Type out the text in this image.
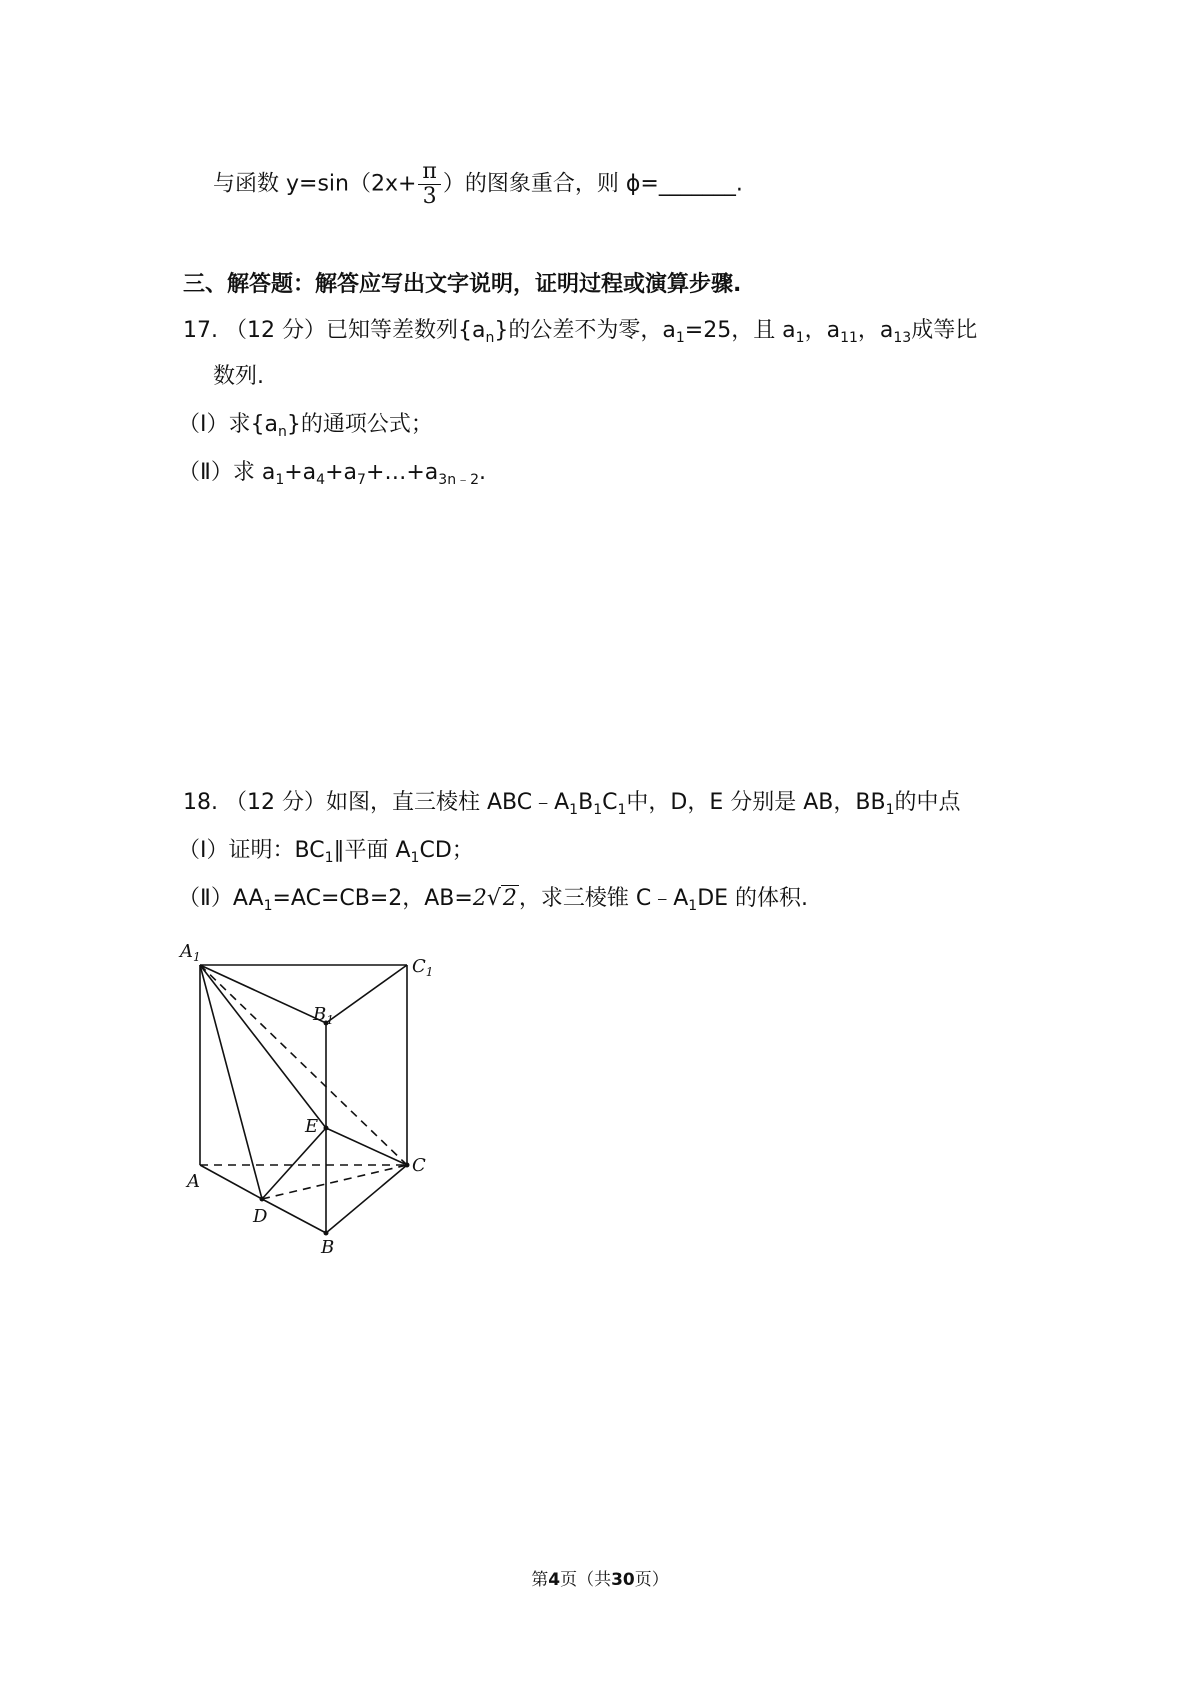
与函数 $y=\sin(2x+ \frac{\pi}{3}$ ）的图象重合，则 ϕ=_______.
三、解答题：解答应写出文字说明，证明过程或演算步骤.
17. （12 分）已知等差数列$\{a_n\}$的公差不为零，$a_1=25$，且 $a_1$，$a_{11}$，$a_{13}$成等比
数列.
（Ⅰ）求$\{a_n\}$的通项公式；
（Ⅱ）求 $a_1+a_4+a_7+\dots+a_{3n﹣2}$.
18. （12 分）如图，直三棱柱 $ABC﹣A_1B_1C_1$中，D，E 分别是 AB，$BB_1$的中点
（Ⅰ）证明：$BC_1\parallel$平面 $A_1CD$；
$(Ⅱ)AA_1=AC=CB=2$，AB=2√2，求三棱锥 $C﹣A_1DE$ 的体积.
$A_1$	$C_1$
$B_1$
E
C
A
D
B
第4页（共30页）
